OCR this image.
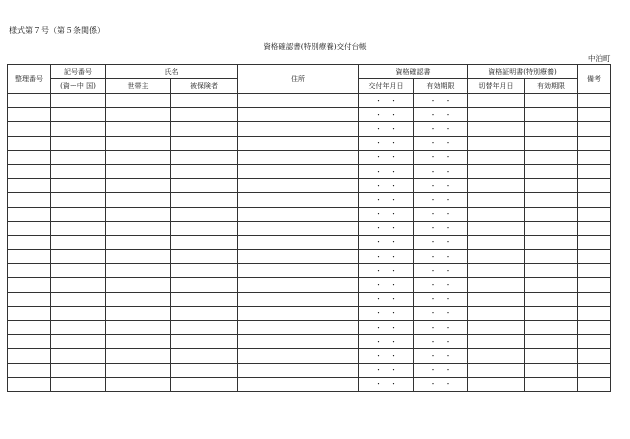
様式第７号（第５条関係）
資格確認書(特別療養)交付台帳
中泊町
整理番号	記号番号	氏名		住所	資格確認書		資格証明書(特別療養)		備考
	(資ー中 国)	世帯主	被保険者		交付年月日	有効期限	切替年月日	有効期限	
					・ ・	・ ・			
					・ ・	・ ・			
					・ ・	・ ・			
					・ ・	・ ・			
					・ ・	・ ・			
					・ ・	・ ・			
					・ ・	・ ・			
					・ ・	・ ・			
					・ ・	・ ・			
					・ ・	・ ・			
					・ ・	・ ・			
					・ ・	・ ・			
					・ ・	・ ・			
					・ ・	・ ・			
					・ ・	・ ・			
					・ ・	・ ・			
					・ ・	・ ・			
					・ ・	・ ・			
					・ ・	・ ・			
					・ ・	・ ・			
					・ ・	・ ・			
